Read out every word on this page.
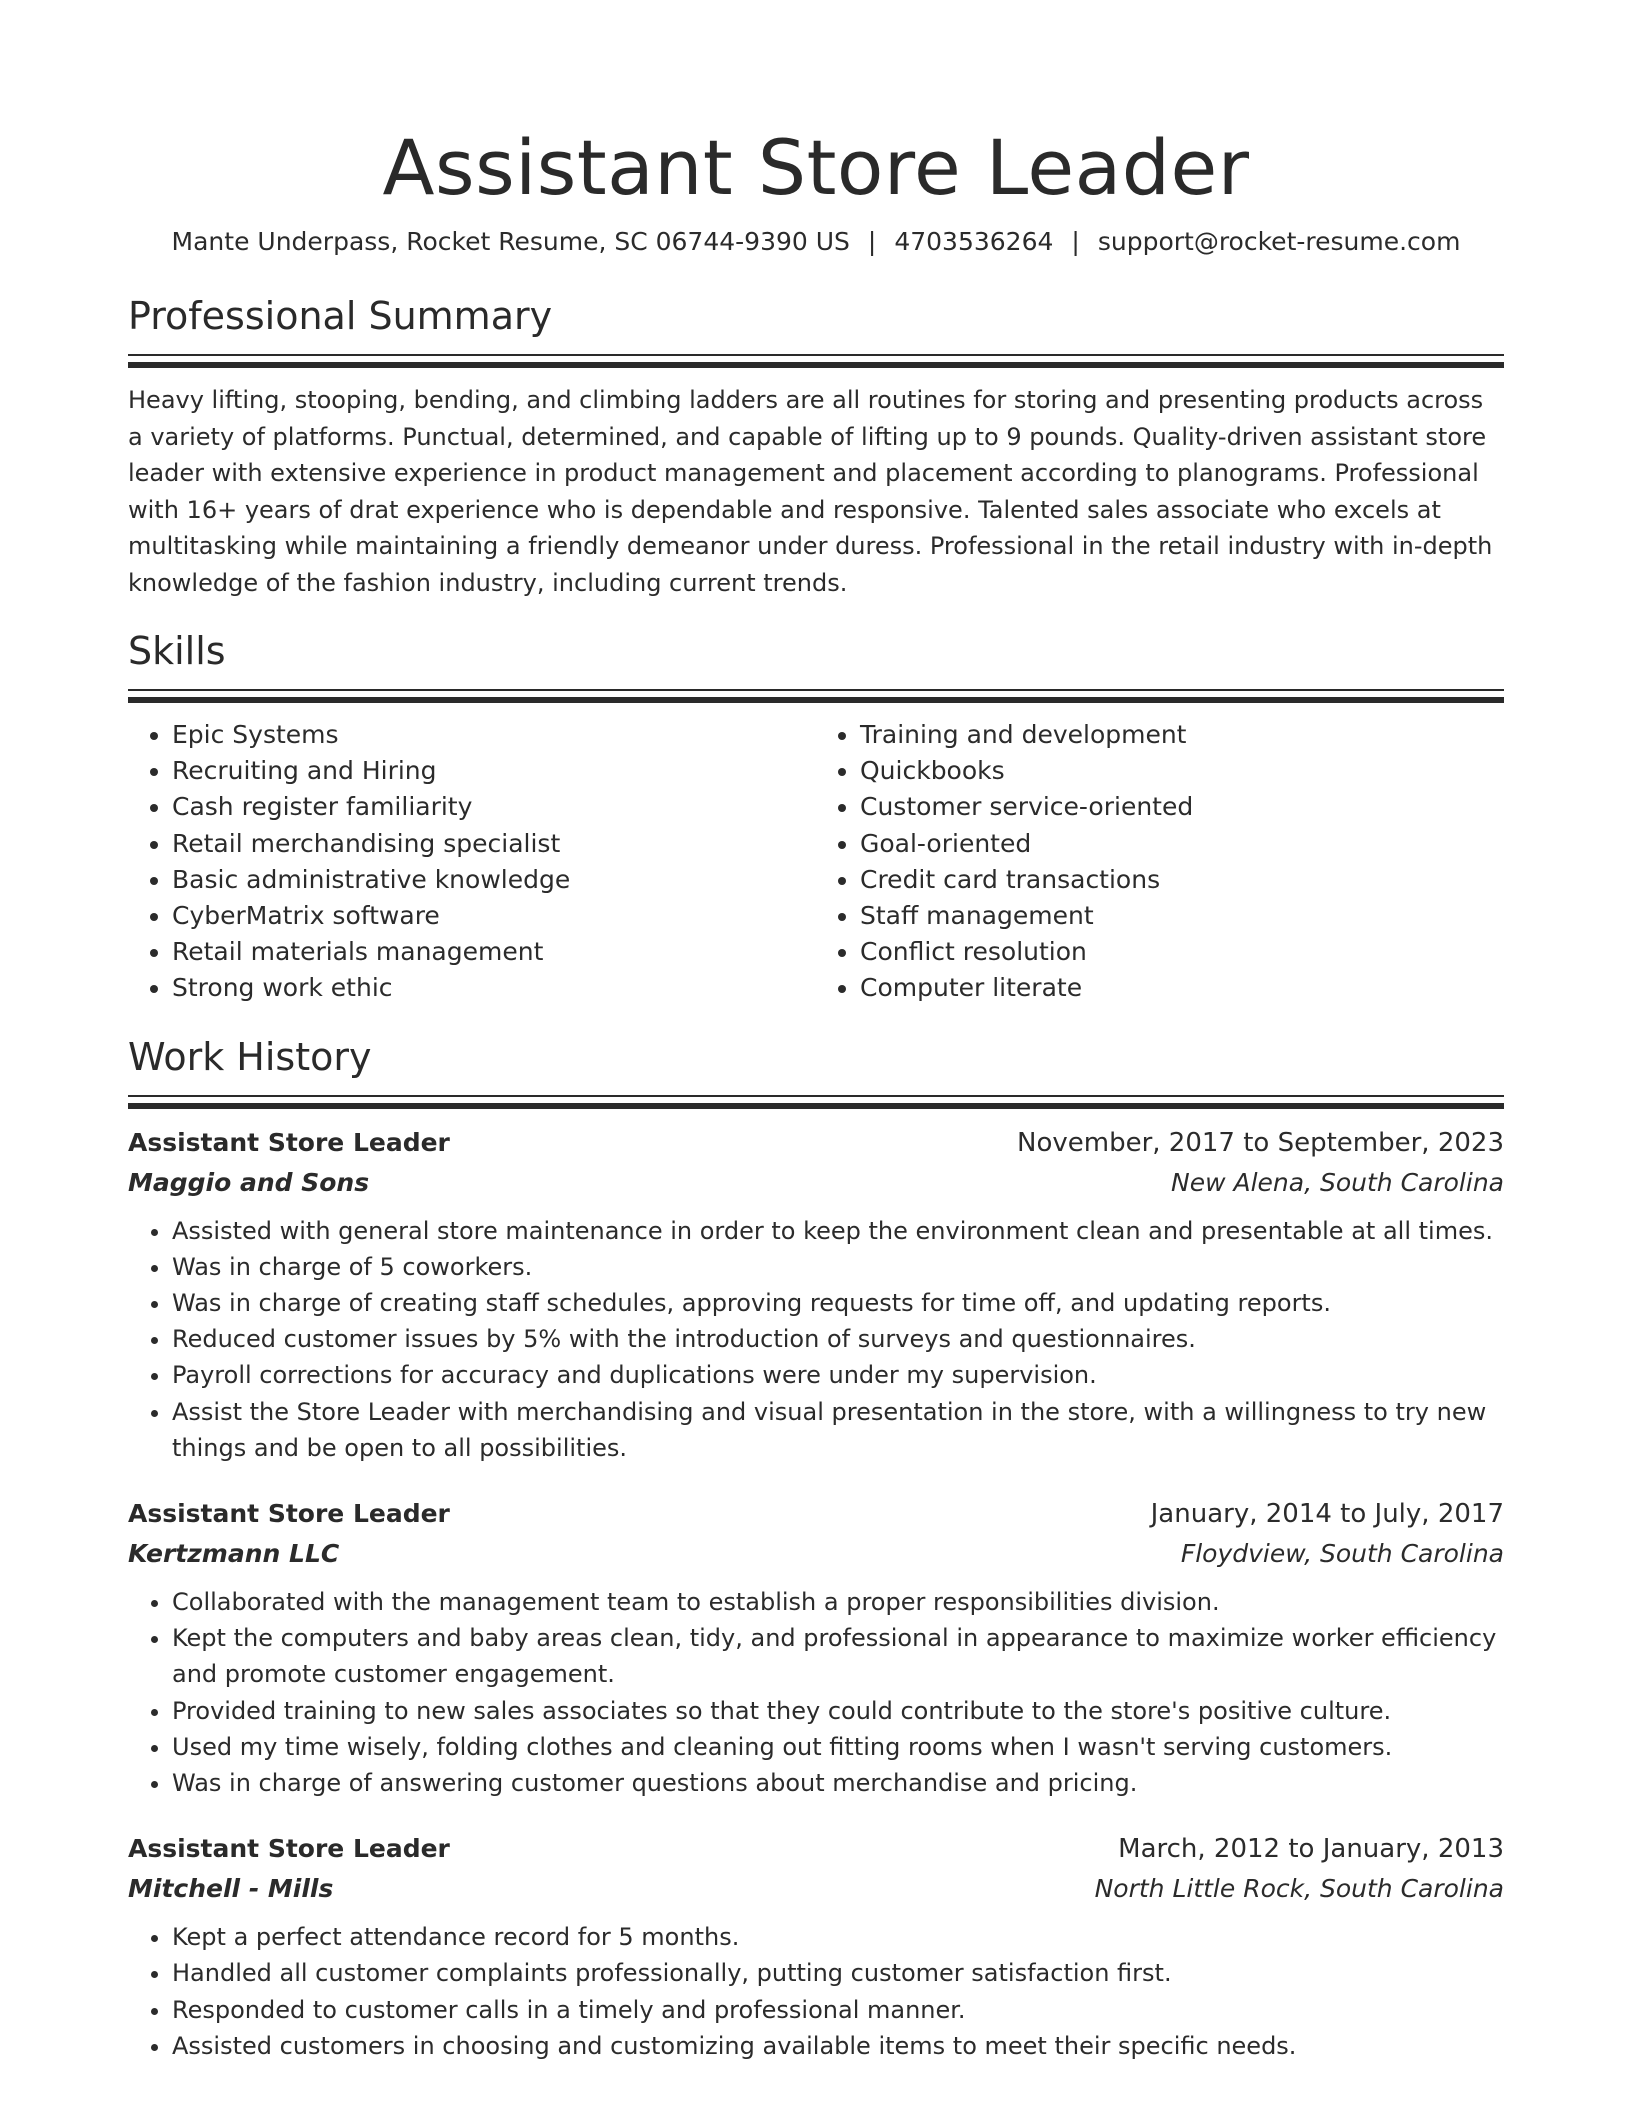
Assistant Store Leader
Mante Underpass, Rocket Resume, SC 06744-9390 US | 4703536264 | support@rocket-resume.com
Professional Summary

Heavy lifting, stooping, bending, and climbing ladders are all routines for storing and presenting products across a variety of platforms. Punctual, determined, and capable of lifting up to 9 pounds. Quality-driven assistant store leader with extensive experience in product management and placement according to planograms. Professional with 16+ years of drat experience who is dependable and responsive. Talented sales associate who excels at multitasking while maintaining a friendly demeanor under duress. Professional in the retail industry with in-depth knowledge of the fashion industry, including current trends.

Skills
• Epic Systems
• Recruiting and Hiring
• Cash register familiarity
• Retail merchandising specialist
• Basic administrative knowledge
• CyberMatrix software
• Retail materials management
• Strong work ethic
• Training and development
• Quickbooks
• Customer service-oriented
• Goal-oriented
• Credit card transactions
• Staff management
• Conflict resolution
• Computer literate
Work History
Assistant Store Leader	November, 2017 to September, 2023
Maggio and Sons	New Alena, South Carolina
• Assisted with general store maintenance in order to keep the environment clean and presentable at all times.
• Was in charge of 5 coworkers.
• Was in charge of creating staff schedules, approving requests for time off, and updating reports.
• Reduced customer issues by 5% with the introduction of surveys and questionnaires.
• Payroll corrections for accuracy and duplications were under my supervision.
• Assist the Store Leader with merchandising and visual presentation in the store, with a willingness to try new things and be open to all possibilities.
Assistant Store Leader	January, 2014 to July, 2017
Kertzmann LLC	Floydview, South Carolina
• Collaborated with the management team to establish a proper responsibilities division.
• Kept the computers and baby areas clean, tidy, and professional in appearance to maximize worker efficiency and promote customer engagement.
• Provided training to new sales associates so that they could contribute to the store's positive culture.
• Used my time wisely, folding clothes and cleaning out fitting rooms when I wasn't serving customers.
• Was in charge of answering customer questions about merchandise and pricing.
Assistant Store Leader	March, 2012 to January, 2013
Mitchell - Mills	North Little Rock, South Carolina
• Kept a perfect attendance record for 5 months.
• Handled all customer complaints professionally, putting customer satisfaction first.
• Responded to customer calls in a timely and professional manner.
• Assisted customers in choosing and customizing available items to meet their specific needs.
